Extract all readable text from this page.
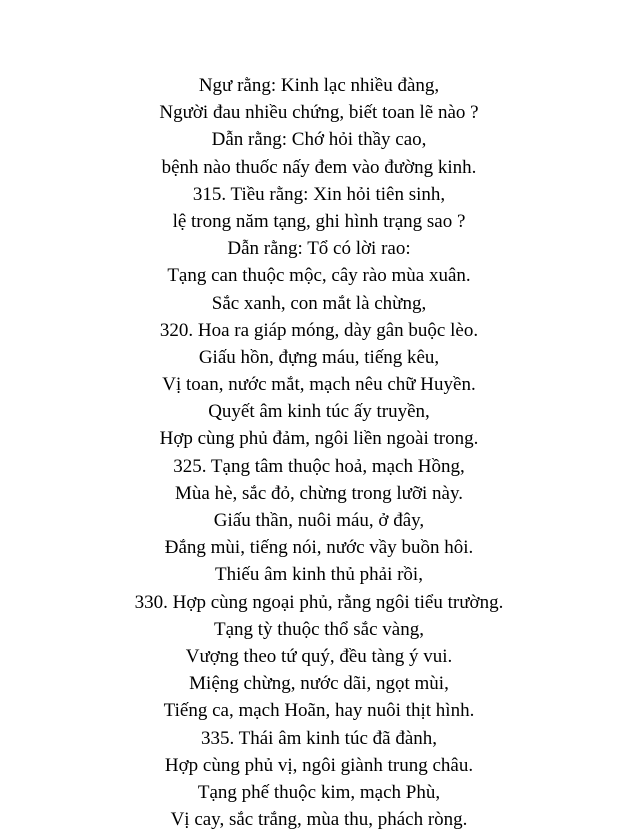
Ngư rằng: Kinh lạc nhiều đàng,
Người đau nhiều chứng, biết toan lẽ nào ?
Dẫn rằng: Chớ hỏi thầy cao,
bệnh nào thuốc nấy đem vào đường kinh.
315. Tiều rằng: Xin hỏi tiên sinh,
lệ trong năm tạng, ghi hình trạng sao ?
Dẫn rằng: Tổ có lời rao:
Tạng can thuộc mộc, cây rào mùa xuân.
Sắc xanh, con mắt là chừng,
320. Hoa ra giáp móng, dày gân buộc lèo.
Giấu hồn, đựng máu, tiếng kêu,
Vị toan, nước mắt, mạch nêu chữ Huyền.
Quyết âm kinh túc ấy truyền,
Hợp cùng phủ đảm, ngôi liền ngoài trong.
325. Tạng tâm thuộc hoả, mạch Hồng,
Mùa hè, sắc đỏ, chừng trong lưỡi này.
Giấu thần, nuôi máu, ở đây,
Đắng mùi, tiếng nói, nước vầy buồn hôi.
Thiếu âm kinh thủ phải rồi,
330. Hợp cùng ngoại phủ, rằng ngôi tiểu trường.
Tạng tỳ thuộc thổ sắc vàng,
Vượng theo tứ quý, đều tàng ý vui.
Miệng chừng, nước dãi, ngọt mùi,
Tiếng ca, mạch Hoãn, hay nuôi thịt hình.
335. Thái âm kinh túc đã đành,
Hợp cùng phủ vị, ngôi giành trung châu.
Tạng phế thuộc kim, mạch Phù,
Vị cay, sắc trắng, mùa thu, phách ròng.
